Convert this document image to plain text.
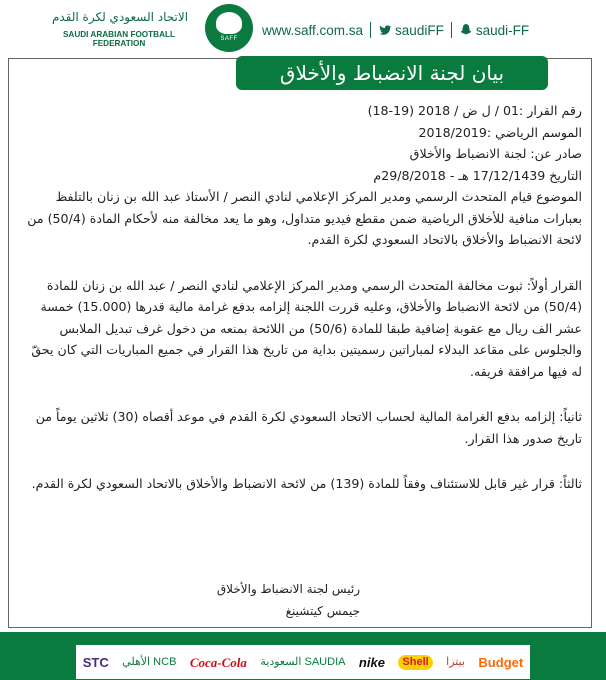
www.saff.com.sa saudiFF saudi-FF
SAFF
الاتحاد السعودي لكرة القدم
SAUDI ARABIAN FOOTBALL FEDERATION
بيان لجنة الانضباط والأخلاق

رقم القرار :01 / ل ض / 2018 (19-18)

الموسم الرياضي :2018/2019

صادر عن: لجنة الانضباط والأخلاق

التاريخ 17/12/1439 هـ - 29/8/2018م

الموضوع قيام المتحدث الرسمي ومدير المركز الإعلامي لنادي النصر / الأستاذ عبد الله بن زنان بالتلفظ بعبارات منافية للأخلاق الرياضية ضمن مقطع فيديو متداول، وهو ما يعد مخالفة منه لأحكام المادة (50/4) من لائحة الانضباط والأخلاق بالاتحاد السعودي لكرة القدم.

القرار أولاً: ثبوت مخالفة المتحدث الرسمي ومدير المركز الإعلامي لنادي النصر / عبد الله بن زنان للمادة (50/4) من لائحة الانضباط والأخلاق، وعليه قررت اللجنة إلزامه بدفع غرامة مالية قدرها (15.000) خمسة عشر الف ريال مع عقوبة إضافية طبقا للمادة (50/6) من اللائحة بمنعه من دخول غرف تبديل الملابس والجلوس على مقاعد البدلاء لمباراتين رسميتين بداية من تاريخ هذا القرار في جميع المباريات التي كان يحقّ له فيها مرافقة فريقه.

ثانياً: إلزامه بدفع الغرامة المالية لحساب الاتحاد السعودي لكرة القدم في موعد أقصاه (30) ثلاثين يوماً من تاريخ صدور هذا القرار.

ثالثاً: قرار غير قابل للاستئناف وفقاً للمادة (139) من لائحة الانضباط والأخلاق بالاتحاد السعودي لكرة القدم.

رئيس لجنة الانضباط والأخلاق
جيمس كيتشينغ
STC الأهلي NCB Coca-Cola السعودية SAUDIA nike	Shell	بيتزا Budget
